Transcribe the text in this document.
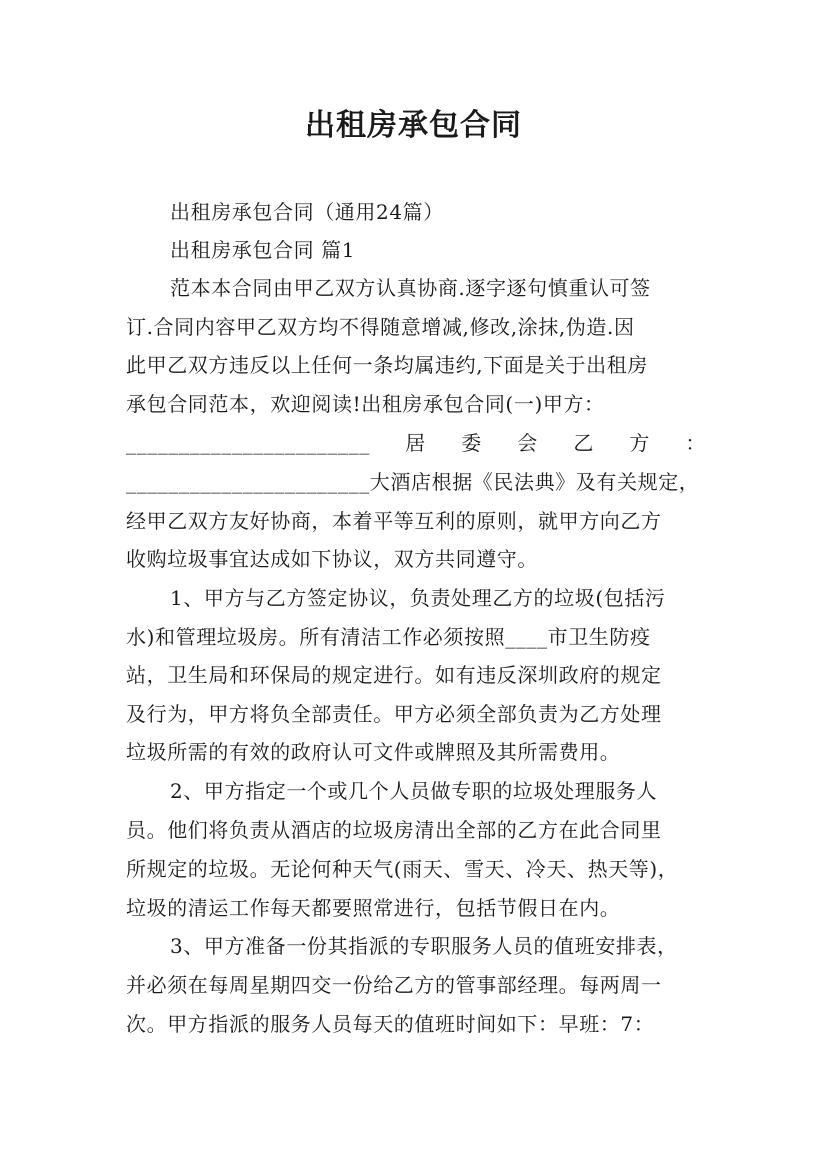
出租房承包合同
出租房承包合同（通用24篇）
出租房承包合同 篇1
范本本合同由甲乙双方认真协商.逐字逐句慎重认可签
订.合同内容甲乙双方均不得随意增减,修改,涂抹,伪造.因
此甲乙双方违反以上任何一条均属违约,下面是关于出租房
承包合同范本，欢迎阅读!出租房承包合同(一)甲方：
_______________________ 居 委 会 乙 方 ：
_______________________大酒店根据《民法典》及有关规定，
经甲乙双方友好协商，本着平等互利的原则，就甲方向乙方
收购垃圾事宜达成如下协议，双方共同遵守。
1、甲方与乙方签定协议，负责处理乙方的垃圾(包括污
水)和管理垃圾房。所有清洁工作必须按照____市卫生防疫
站，卫生局和环保局的规定进行。如有违反深圳政府的规定
及行为，甲方将负全部责任。甲方必须全部负责为乙方处理
垃圾所需的有效的政府认可文件或牌照及其所需费用。
2、甲方指定一个或几个人员做专职的垃圾处理服务人
员。他们将负责从酒店的垃圾房清出全部的乙方在此合同里
所规定的垃圾。无论何种天气(雨天、雪天、冷天、热天等)，
垃圾的清运工作每天都要照常进行，包括节假日在内。
3、甲方准备一份其指派的专职服务人员的值班安排表，
并必须在每周星期四交一份给乙方的管事部经理。每两周一
次。甲方指派的服务人员每天的值班时间如下：早班：7：
